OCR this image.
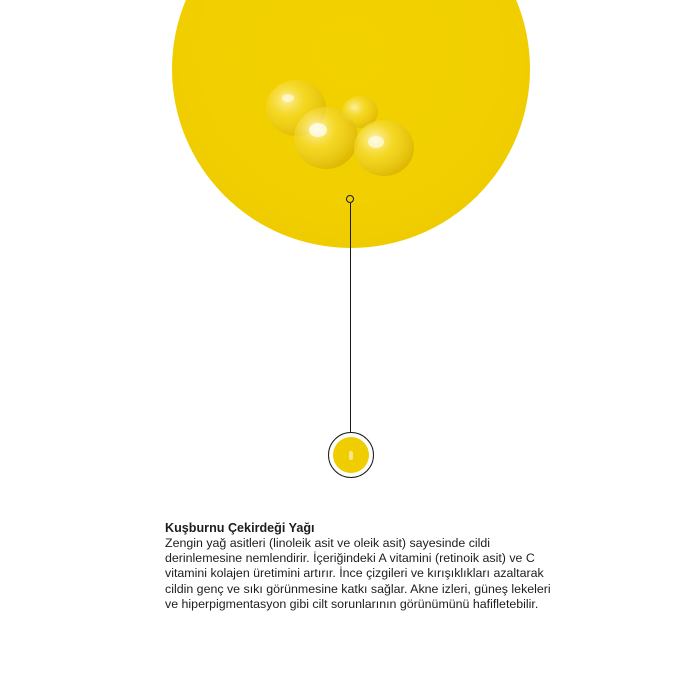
Kuşburnu Çekirdeği Yağı

Zengin yağ asitleri (linoleik asit ve oleik asit) sayesinde cildi derinlemesine nemlendirir. İçeriğindeki A vitamini (retinoik asit) ve C vitamini kolajen üretimini artırır. İnce çizgileri ve kırışıklıkları azaltarak cildin genç ve sıkı görünmesine katkı sağlar. Akne izleri, güneş lekeleri ve hiperpigmentasyon gibi cilt sorunlarının görünümünü hafifletebilir.
